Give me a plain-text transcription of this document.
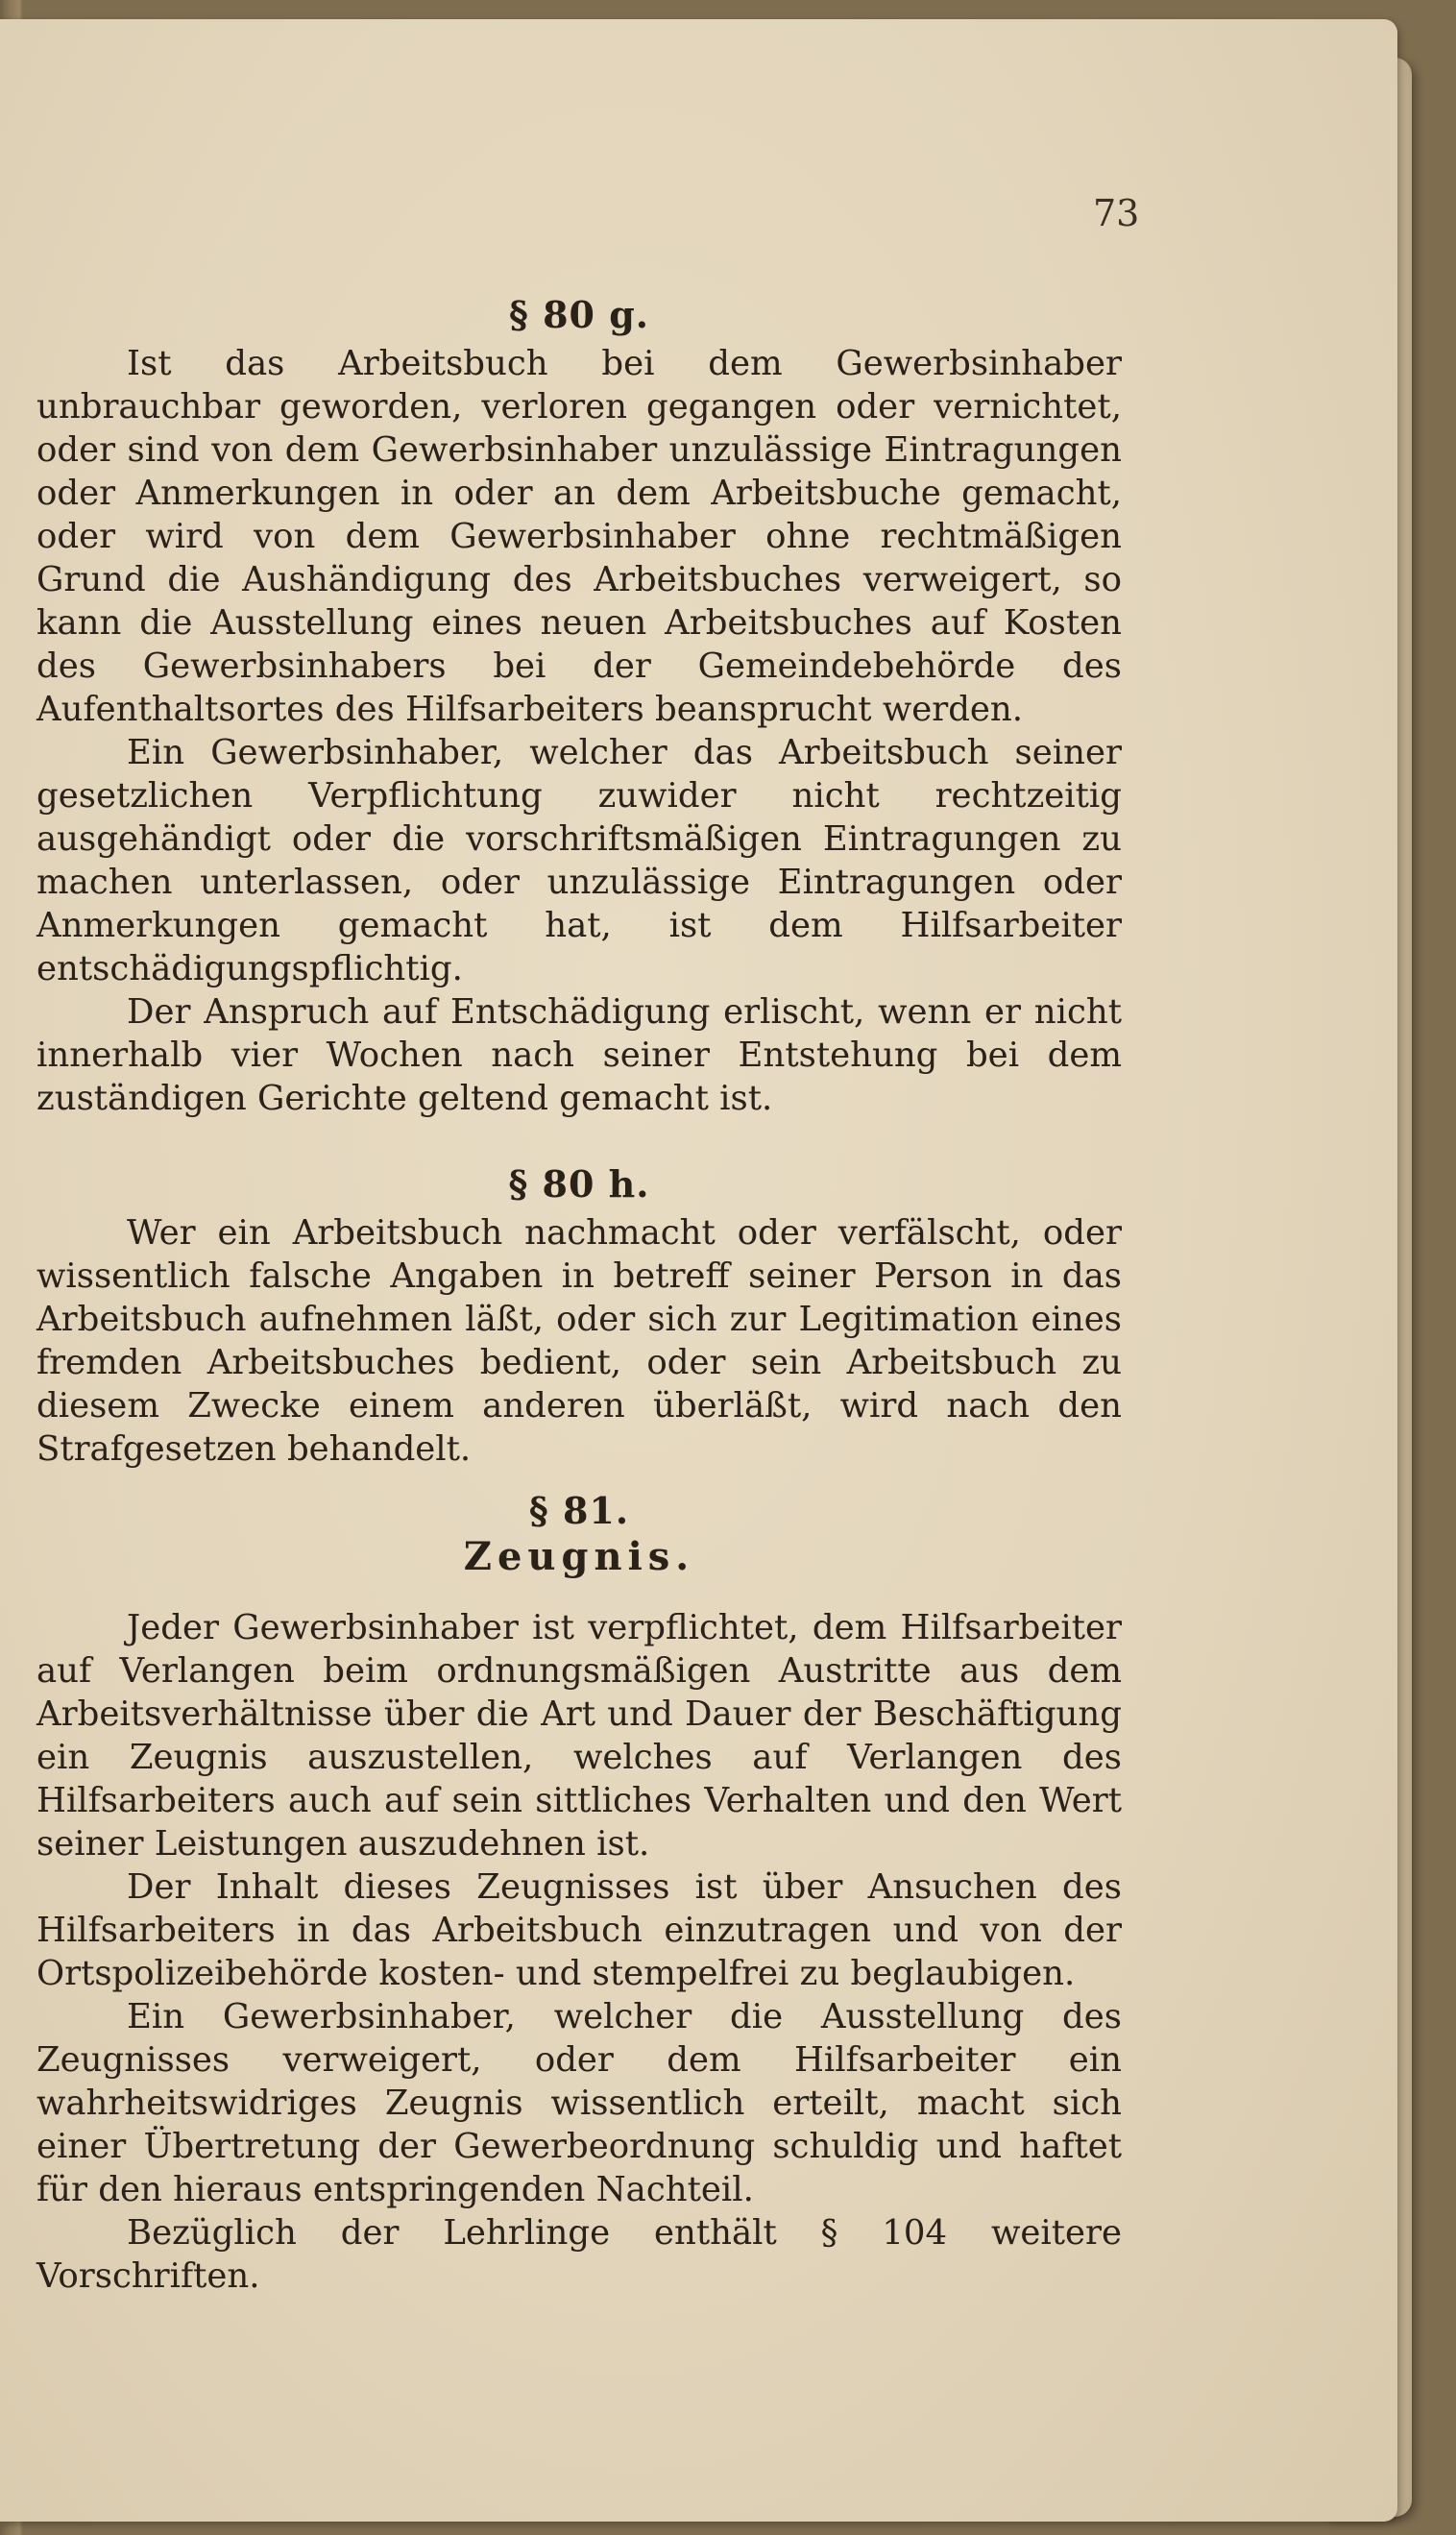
73
§ 80 g.

Ist das Arbeitsbuch bei dem Gewerbsinhaber unbrauchbar geworden, verloren gegangen oder vernichtet, oder sind von dem Gewerbsinhaber unzulässige Eintragungen oder Anmerkungen in oder an dem Arbeitsbuche gemacht, oder wird von dem Gewerbsinhaber ohne rechtmäßigen Grund die Aushändigung des Arbeitsbuches verweigert, so kann die Ausstellung eines neuen Arbeitsbuches auf Kosten des Gewerbsinhabers bei der Gemeindebehörde des Aufenthaltsortes des Hilfsarbeiters beansprucht werden.

Ein Gewerbsinhaber, welcher das Arbeitsbuch seiner gesetzlichen Verpflichtung zuwider nicht rechtzeitig ausgehändigt oder die vorschriftsmäßigen Eintragungen zu machen unterlassen, oder unzulässige Eintragungen oder Anmerkungen gemacht hat, ist dem Hilfsarbeiter entschädigungspflichtig.

Der Anspruch auf Entschädigung erlischt, wenn er nicht innerhalb vier Wochen nach seiner Entstehung bei dem zuständigen Gerichte geltend gemacht ist.

§ 80 h.

Wer ein Arbeitsbuch nachmacht oder verfälscht, oder wissentlich falsche Angaben in betreff seiner Person in das Arbeitsbuch aufnehmen läßt, oder sich zur Legitimation eines fremden Arbeitsbuches bedient, oder sein Arbeitsbuch zu diesem Zwecke einem anderen überläßt, wird nach den Strafgesetzen behandelt.

§ 81.
Zeugnis.

Jeder Gewerbsinhaber ist verpflichtet, dem Hilfsarbeiter auf Verlangen beim ordnungsmäßigen Austritte aus dem Arbeitsverhältnisse über die Art und Dauer der Beschäftigung ein Zeugnis auszustellen, welches auf Verlangen des Hilfsarbeiters auch auf sein sittliches Verhalten und den Wert seiner Leistungen auszudehnen ist.

Der Inhalt dieses Zeugnisses ist über Ansuchen des Hilfsarbeiters in das Arbeitsbuch einzutragen und von der Ortspolizeibehörde kosten- und stempelfrei zu beglaubigen.

Ein Gewerbsinhaber, welcher die Ausstellung des Zeugnisses verweigert, oder dem Hilfsarbeiter ein wahrheitswidriges Zeugnis wissentlich erteilt, macht sich einer Übertretung der Gewerbeordnung schuldig und haftet für den hieraus entspringenden Nachteil.

Bezüglich der Lehrlinge enthält § 104 weitere Vorschriften.
